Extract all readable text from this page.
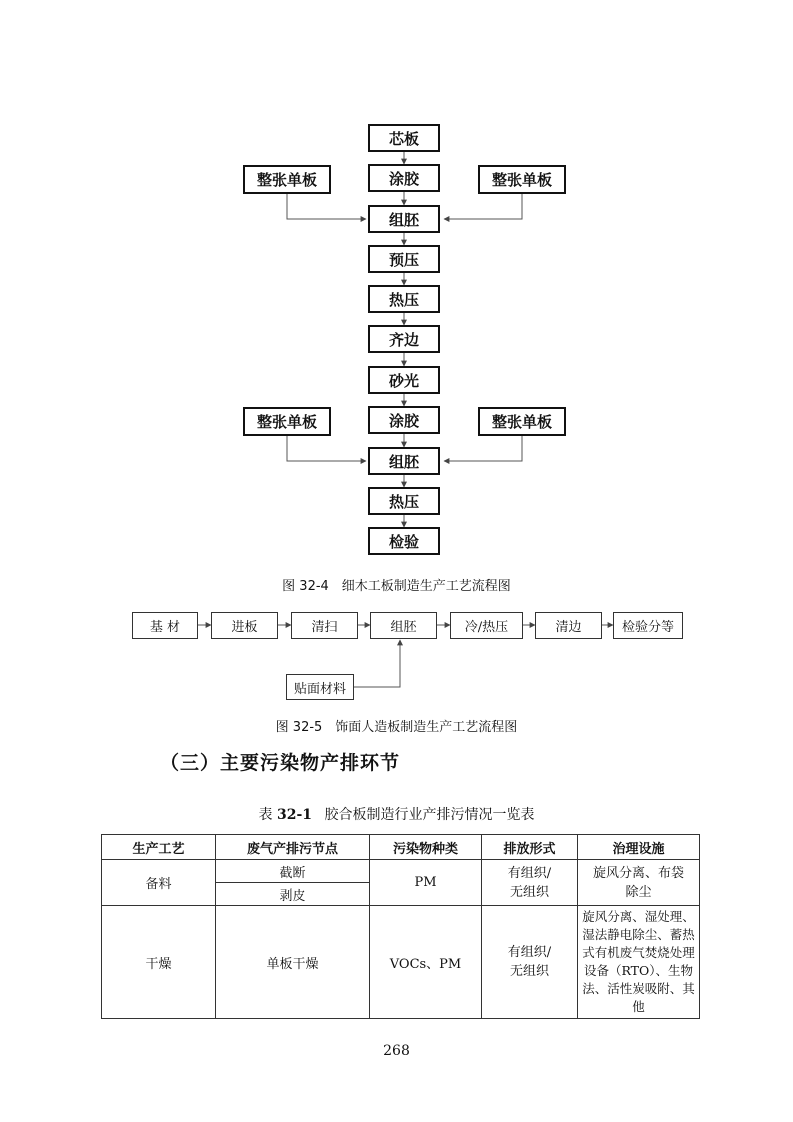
芯板
涂胶
整张单板	整张单板
组胚
预压
热压
齐边
砂光
涂胶
整张单板	整张单板
组胚
热压
检验
图 32-4　细木工板制造生产工艺流程图
基 材	进板	清扫	组胚	冷/热压	清边	检验分等
贴面材料
图 32-5　饰面人造板制造生产工艺流程图
（三）主要污染物产排环节
表 32-1 胶合板制造行业产排污情况一览表
生产工艺	废气产排污节点	污染物种类	排放形式	治理设施
备料	截断	PM	有组织/无组织	旋风分离、布袋除尘
	剥皮			
干燥	单板干燥	VOCs、PM	有组织/无组织	旋风分离、湿处理、湿法静电除尘、蓄热式有机废气焚烧处理设备（RTO）、生物法、活性炭吸附、其他
268
